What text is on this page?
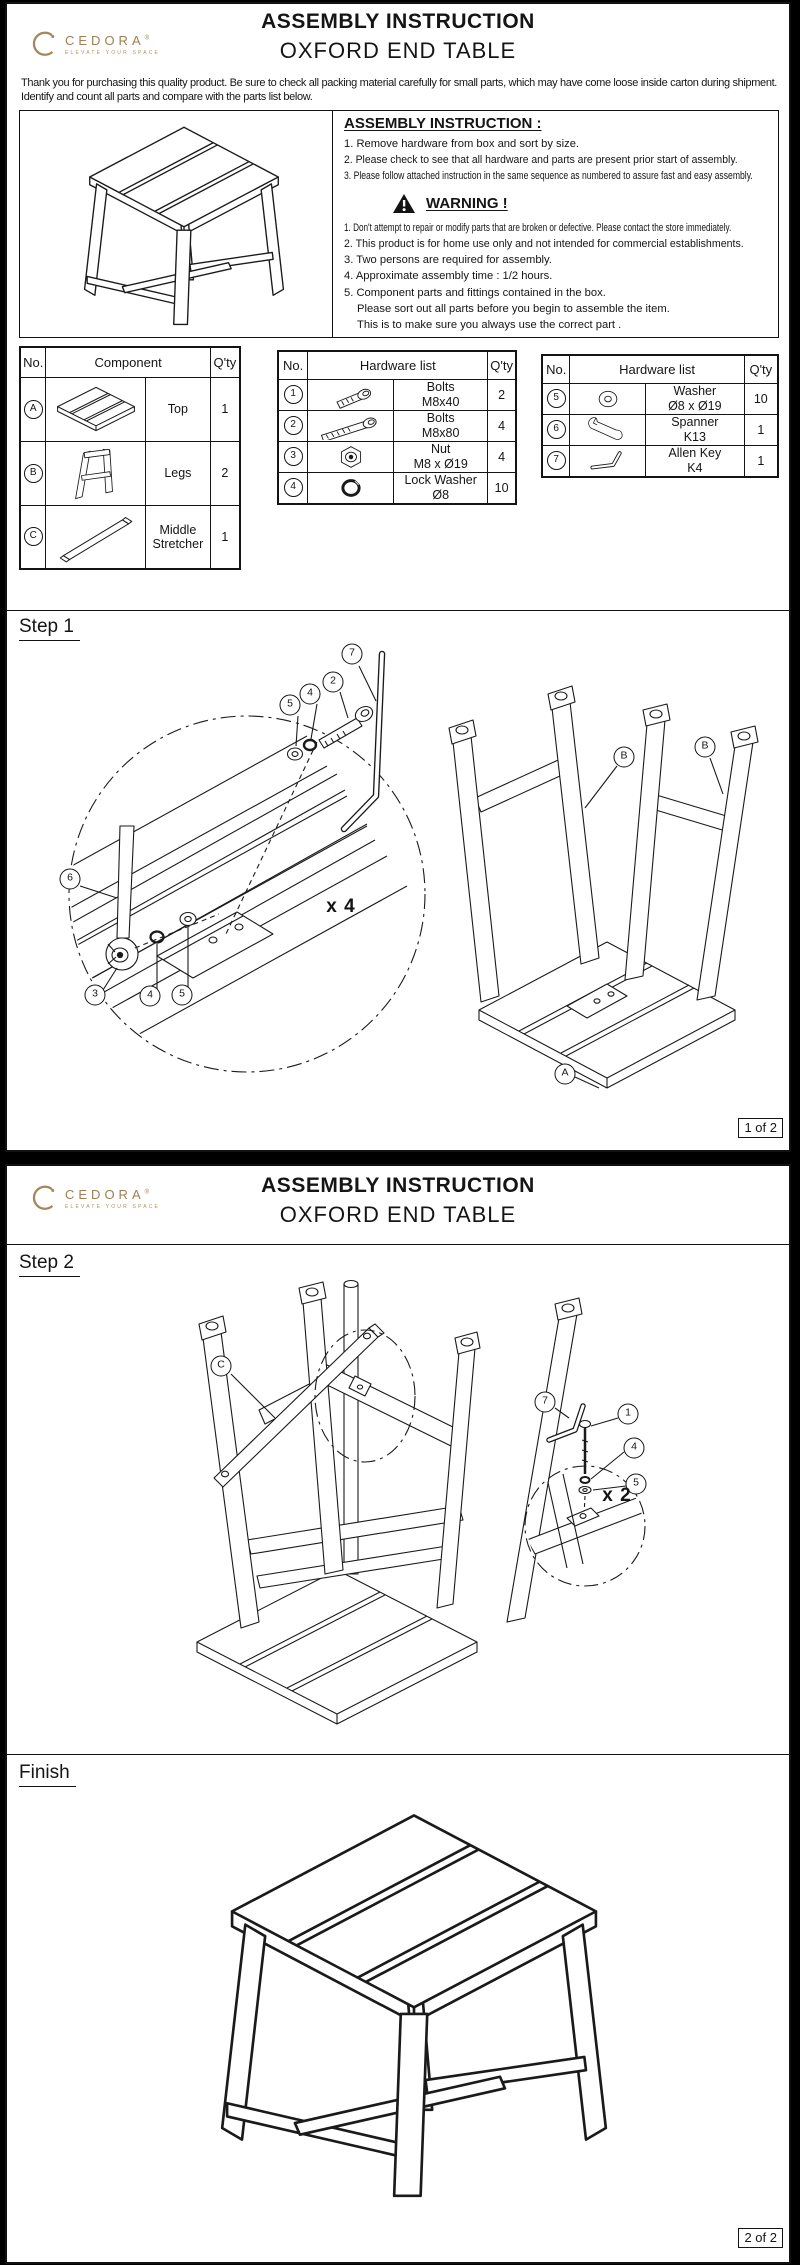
CEDORA®
ELEVATE YOUR SPACE
ASSEMBLY INSTRUCTION
OXFORD END TABLE
Thank you for purchasing this quality product. Be sure to check all packing material carefully for small parts, which may have come loose inside carton during shipment. Identify and count all parts and compare with the parts list below.
ASSEMBLY INSTRUCTION :
1. Remove hardware from box and sort by size.
2. Please check to see that all hardware and parts are present prior start of assembly.
3. Please follow attached instruction in the same sequence as numbered to assure fast and easy assembly.
WARNING !
1. Don't attempt to repair or modify parts that are broken or defective. Please contact the store immediately.
2. This product is for home use only and not intended for commercial establishments.
3. Two persons are required for assembly.
4. Approximate assembly time : 1/2 hours.
5. Component parts and fittings contained in the box.
Please sort out all parts before you begin to assemble the item.
This is to make sure you always use the correct part .
No.	Component		Q'ty
A		Top	1
B		Legs	2
C		Middle Stretcher	1
No.	Hardware list		Q'ty
1		Bolts
M8x40	2
2		Bolts
M8x80	4
3		Nut
M8 x Ø19	4
4		Lock Washer
Ø8	10
No.	Hardware list		Q'ty
5		Washer
Ø8 x Ø19	10
6		Spanner
K13	1
7		Allen Key
K4	1
Step 1
5
4
2
7
6
3	4	5
x 4
B
B
A
1 of 2
CEDORA®
ELEVATE YOUR SPACE
ASSEMBLY INSTRUCTION
OXFORD END TABLE
Step 2
C
7
1
4
5
x 2
Finish
2 of 2
